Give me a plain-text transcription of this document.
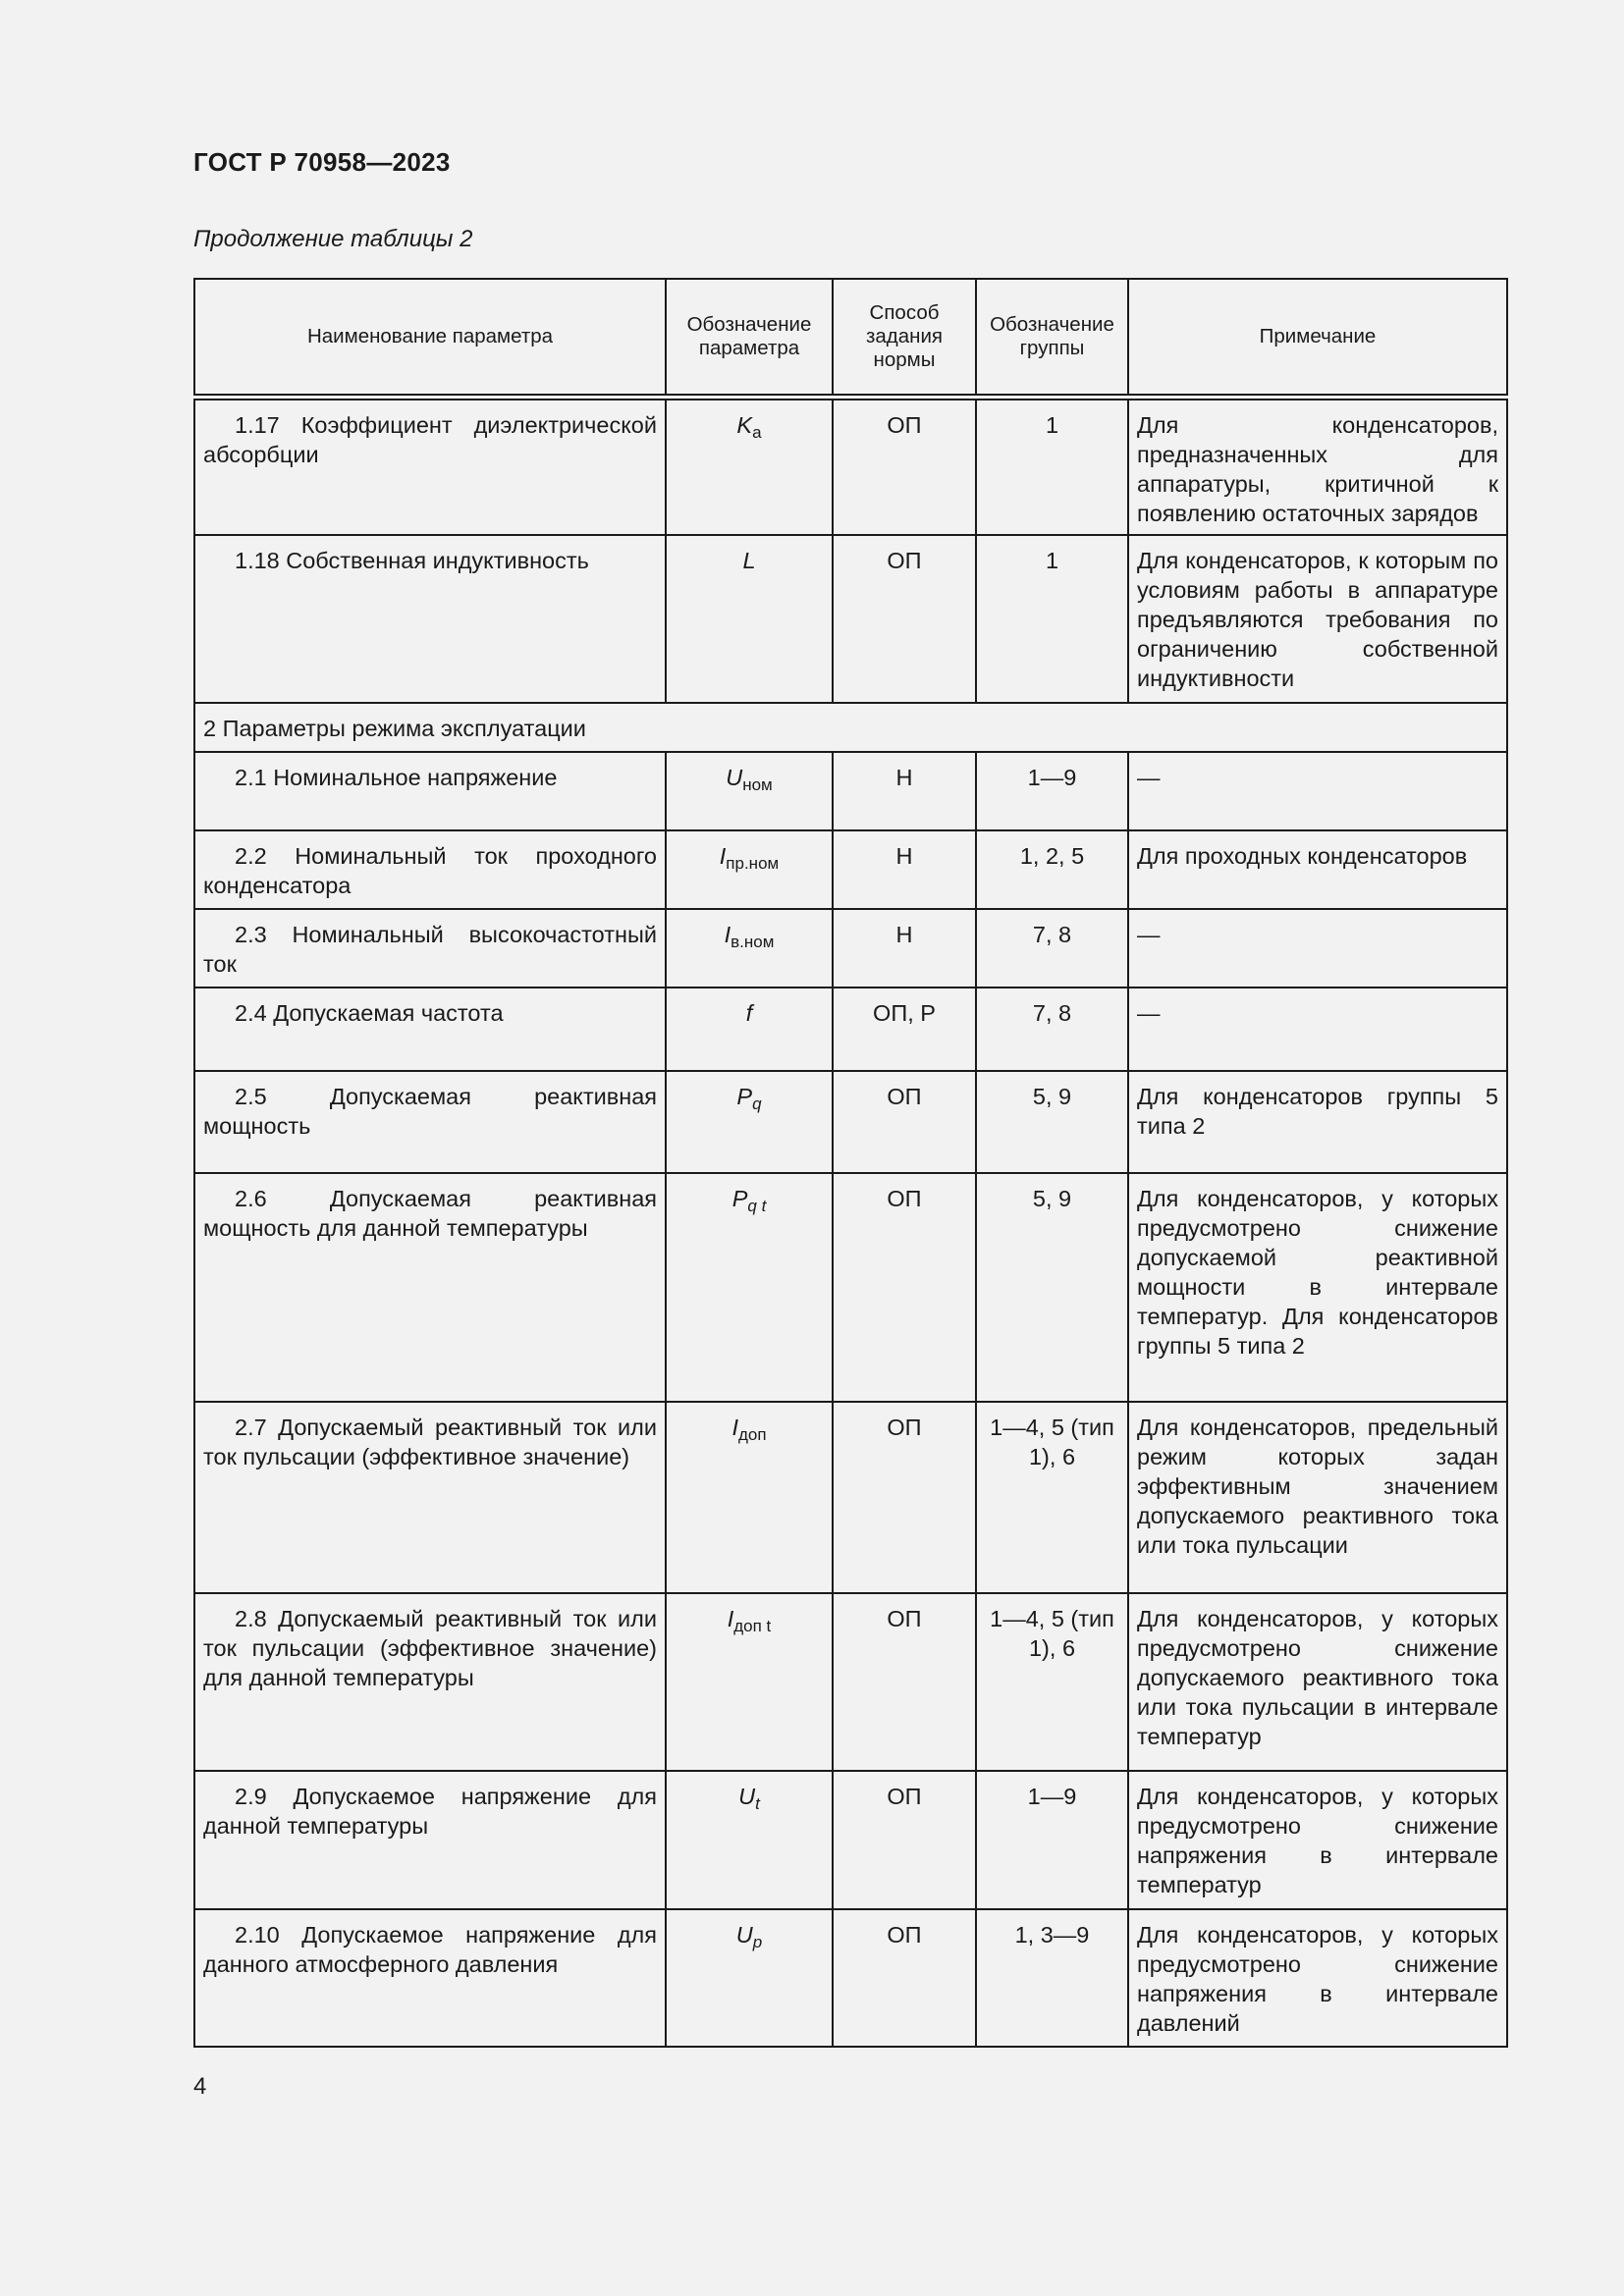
ГОСТ Р 70958—2023
Продолжение таблицы 2
Наименование параметра	Обозначение параметра	Способ задания нормы	Обозначение группы	Примечание
1.17 Коэффициент диэлектрической абсорбции	$K_a$	ОП	1	Для конденсаторов, предназначенных для аппаратуры, критичной к появлению остаточных зарядов
1.18 Собственная индуктивность	L	ОП	1	Для конденсаторов, к которым по условиям работы в аппаратуре предъявляются требования по ограничению собственной индуктивности
2 Параметры режима эксплуатации				
2.1 Номинальное напряжение	$U_{ном}$	Н	1—9	—
2.2 Номинальный ток проходного конденсатора	$I_{пр.ном}$	Н	1, 2, 5	Для проходных конденсаторов
2.3 Номинальный высокочастотный ток	$I_{в.ном}$	Н	7, 8	—
2.4 Допускаемая частота	f	ОП, Р	7, 8	—
2.5 Допускаемая реактивная мощность	$P_q$	ОП	5, 9	Для конденсаторов группы 5 типа 2
2.6 Допускаемая реактивная мощность для данной температуры	$P_{q t}$	ОП	5, 9	Для конденсаторов, у которых предусмотрено снижение допускаемой реактивной мощности в интервале температур. Для конденсаторов группы 5 типа 2
2.7 Допускаемый реактивный ток или ток пульсации (эффективное значение)	$I_{доп}$	ОП	1—4, 5 (тип 1), 6	Для конденсаторов, предельный режим которых задан эффективным значением допускаемого реактивного тока или тока пульсации
2.8 Допускаемый реактивный ток или ток пульсации (эффективное значение) для данной температуры	$I_{доп t}$	ОП	1—4, 5 (тип 1), 6	Для конденсаторов, у которых предусмотрено снижение допускаемого реактивного тока или тока пульсации в интервале температур
2.9 Допускаемое напряжение для данной температуры	$U_t$	ОП	1—9	Для конденсаторов, у которых предусмотрено снижение напряжения в интервале температур
2.10 Допускаемое напряжение для данного атмосферного давления	$U_p$	ОП	1, 3—9	Для конденсаторов, у которых предусмотрено снижение напряжения в интервале давлений
4
